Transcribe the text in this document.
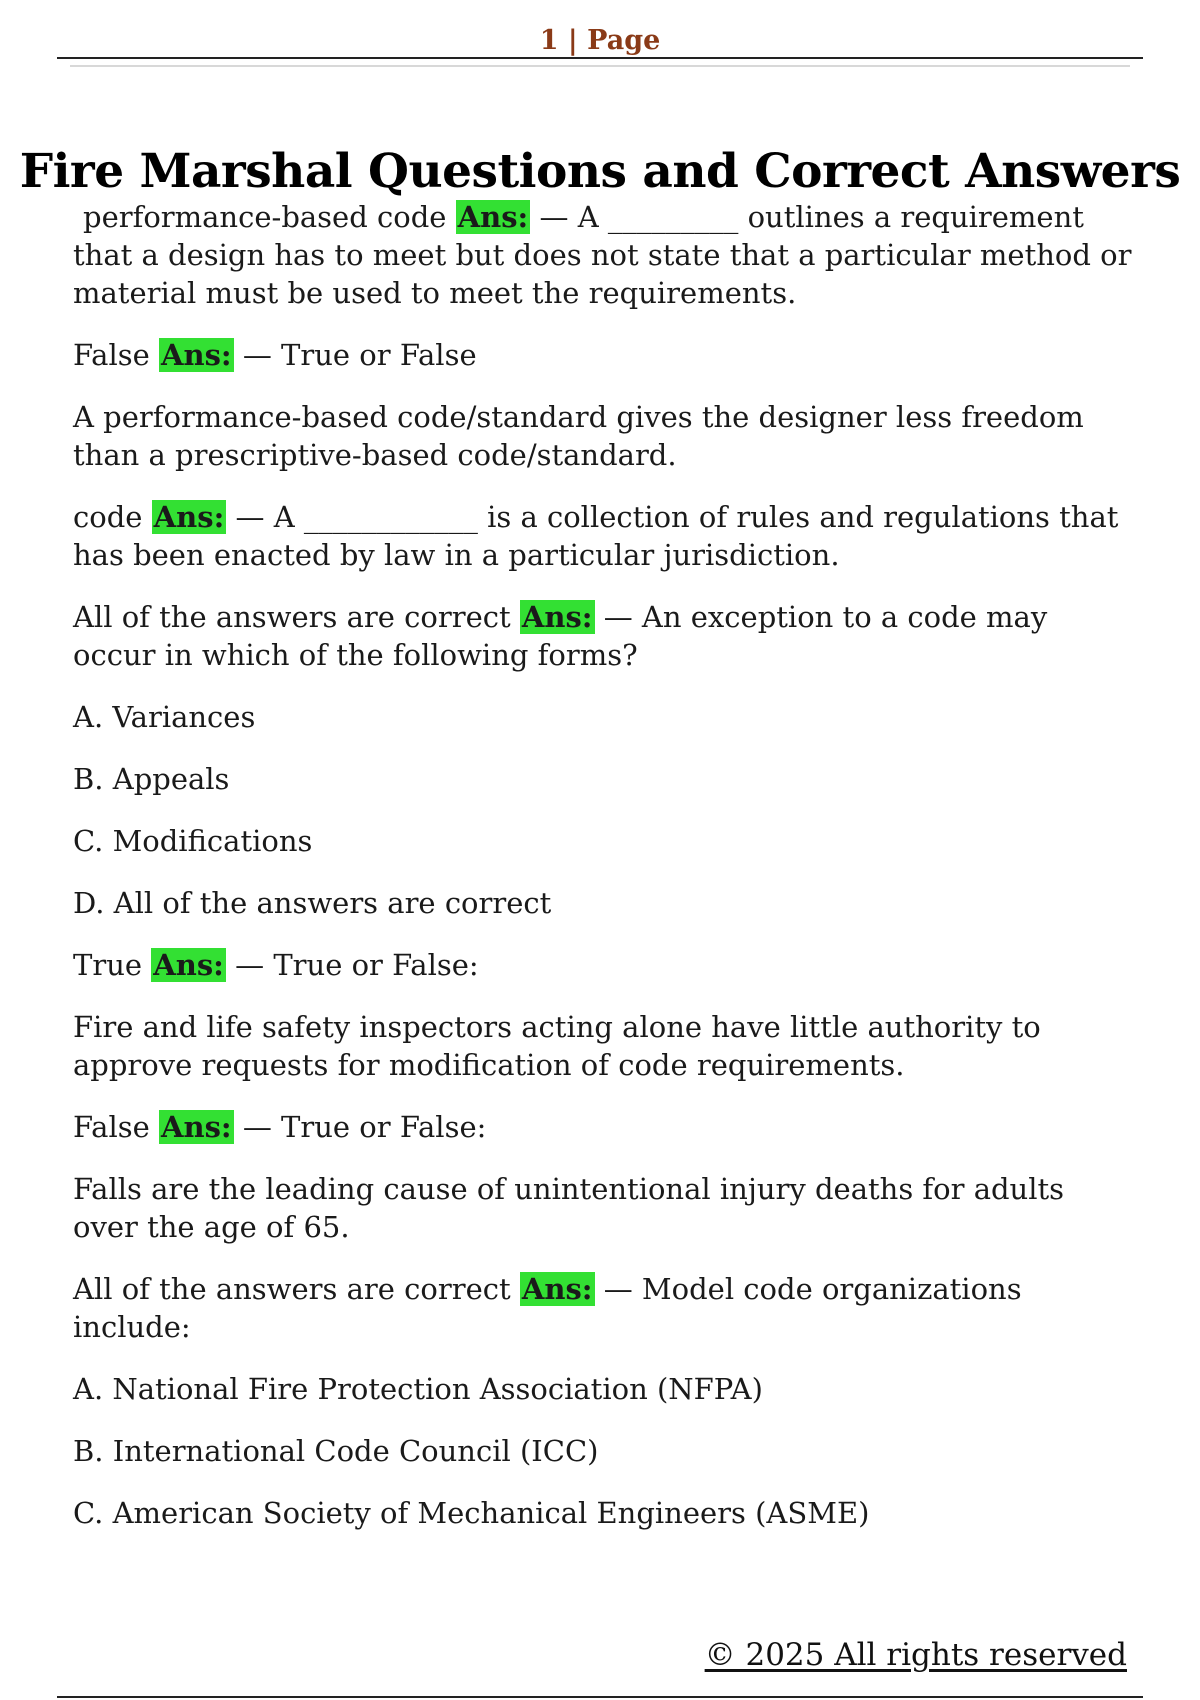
1 | Page
Fire Marshal Questions and Correct Answers

performance-based code Ans: — A _________ outlines a requirement that a design has to meet but does not state that a particular method or material must be used to meet the requirements.

False Ans: — True or False

A performance-based code/standard gives the designer less freedom than a prescriptive-based code/standard.

code Ans: — A ____________ is a collection of rules and regulations that has been enacted by law in a particular jurisdiction.

All of the answers are correct Ans: — An exception to a code may occur in which of the following forms?

A. Variances

B. Appeals

C. Modifications

D. All of the answers are correct

True Ans: — True or False:

Fire and life safety inspectors acting alone have little authority to approve requests for modification of code requirements.

False Ans: — True or False:

Falls are the leading cause of unintentional injury deaths for adults over the age of 65.

All of the answers are correct Ans: — Model code organizations include:

A. National Fire Protection Association (NFPA)

B. International Code Council (ICC)

C. American Society of Mechanical Engineers (ASME)

© 2025 All rights reserved
